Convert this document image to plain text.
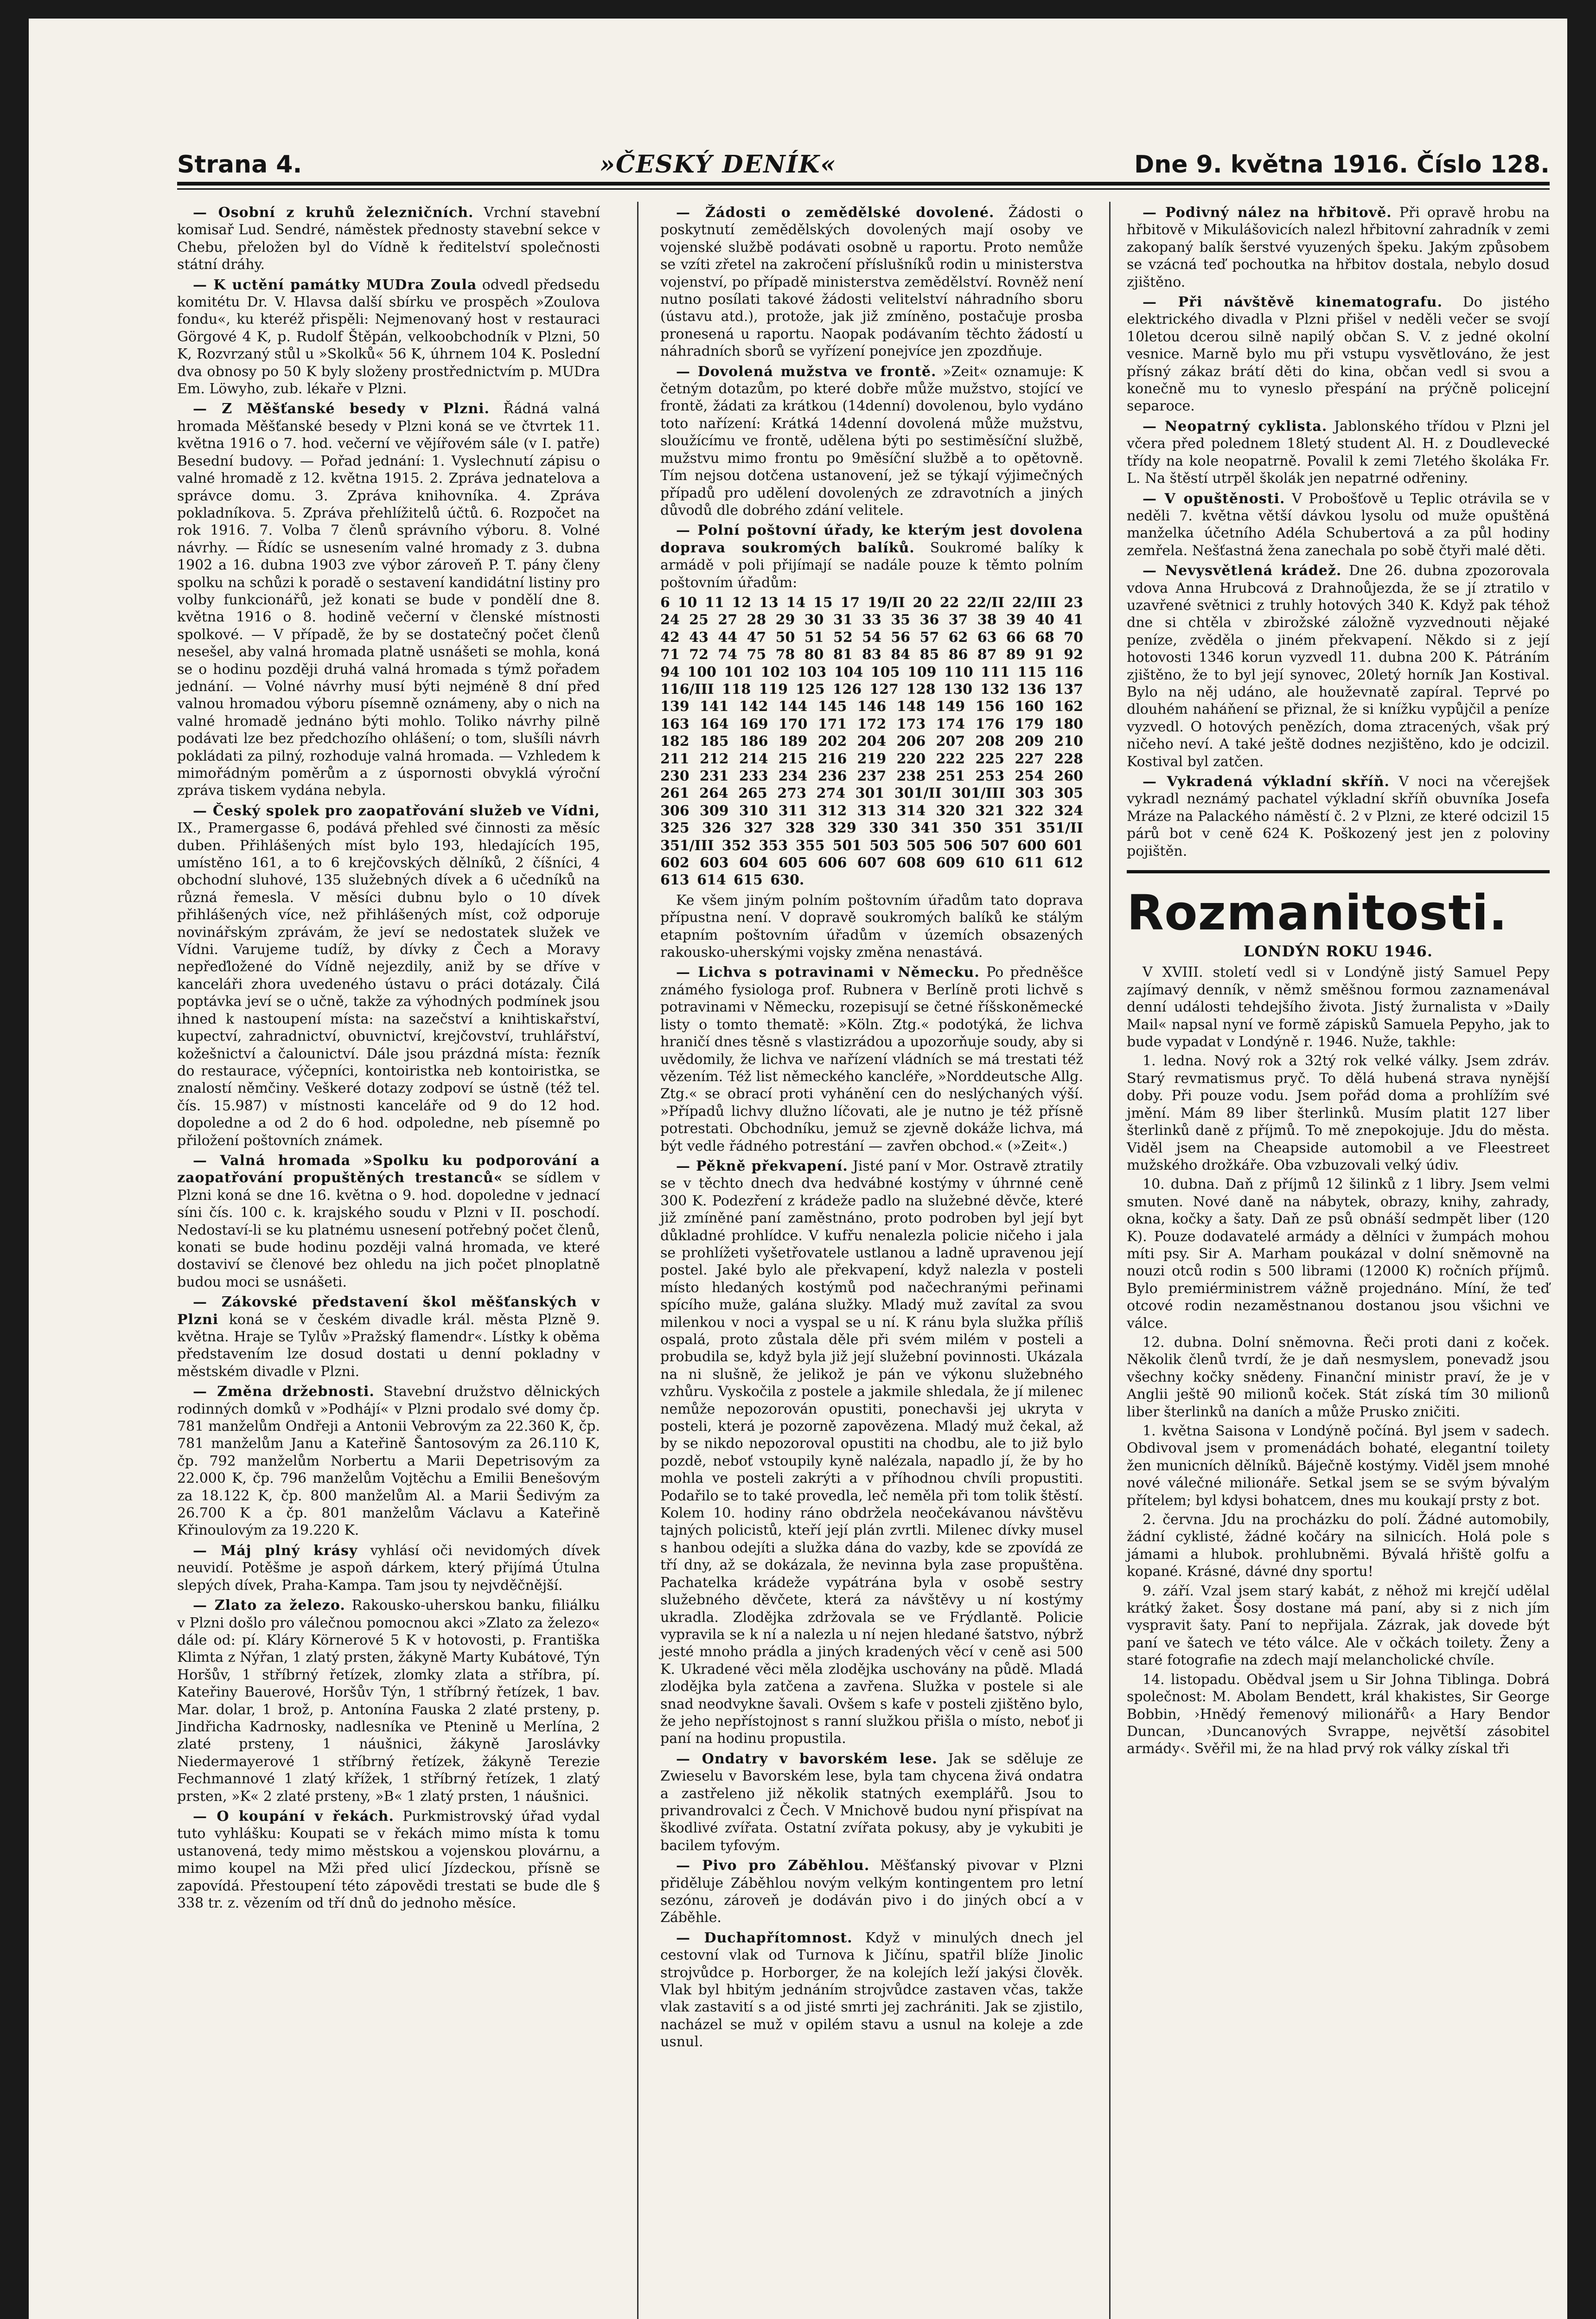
Strana 4.	»ČESKÝ DENÍK«	Dne 9. května 1916. Číslo 128.
— Osobní z kruhů železničních. Vrchní stavební komisař Lud. Sendré, náměstek přednosty stavební sekce v Chebu, přeložen byl do Vídně k ředitelství společnosti státní dráhy.
— K uctění památky MUDra Zoula odvedl předsedu komitétu Dr. V. Hlavsa další sbírku ve prospěch »Zoulova fondu«, ku kteréž přispěli: Nejmenovaný host v restauraci Görgové 4 K, p. Rudolf Štěpán, velkoobchodník v Plzni, 50 K, Rozvrzaný stůl u »Skolků« 56 K, úhrnem 104 K. Poslední dva obnosy po 50 K byly složeny prostřednictvím p. MUDra Em. Löwyho, zub. lékaře v Plzni.
— Z Měšťanské besedy v Plzni. Řádná valná hromada Měšťanské besedy v Plzni koná se ve čtvrtek 11. května 1916 o 7. hod. večerní ve vějířovém sále (v I. patře) Besední budovy. — Pořad jednání: 1. Vyslechnutí zápisu o valné hromadě z 12. května 1915. 2. Zpráva jednatelova a správce domu. 3. Zpráva knihovníka. 4. Zpráva pokladníkova. 5. Zpráva přehlížitelů účtů. 6. Rozpočet na rok 1916. 7. Volba 7 členů správního výboru. 8. Volné návrhy. — Řídíc se usnesením valné hromady z 3. dubna 1902 a 16. dubna 1903 zve výbor zároveň P. T. pány členy spolku na schůzi k poradě o sestavení kandidátní listiny pro volby funkcionářů, jež konati se bude v pondělí dne 8. května 1916 o 8. hodině večerní v členské místnosti spolkové. — V případě, že by se dostatečný počet členů nesešel, aby valná hromada platně usnášeti se mohla, koná se o hodinu později druhá valná hromada s týmž pořadem jednání. — Volné návrhy musí býti nejméně 8 dní před valnou hromadou výboru písemně oznámeny, aby o nich na valné hromadě jednáno býti mohlo. Toliko návrhy pilně podávati lze bez předchozího ohlášení; o tom, slušíli návrh pokládati za pilný, rozhoduje valná hromada. — Vzhledem k mimořádným poměrům a z úspornosti obvyklá výroční zpráva tiskem vydána nebyla.
— Český spolek pro zaopatřování služeb ve Vídni, IX., Pramergasse 6, podává přehled své činnosti za měsíc duben. Přihlášených míst bylo 193, hledajících 195, umístěno 161, a to 6 krejčovských dělníků, 2 číšníci, 4 obchodní sluhové, 135 služebných dívek a 6 učedníků na různá řemesla. V měsíci dubnu bylo o 10 dívek přihlášených více, než přihlášených míst, což odporuje novinářským zprávám, že jeví se nedostatek služek ve Vídni. Varujeme tudíž, by dívky z Čech a Moravy nepřeďložené do Vídně nejezdily, aniž by se dříve v kanceláři zhora uvedeného ústavu o práci dotázaly. Čilá poptávka jeví se o učně, takže za výhodných podmínek jsou ihned k nastoupení místa: na sazečství a knihtiskařství, kupectví, zahradnictví, obuvnictví, krejčovství, truhlářství, kožešnictví a čalounictví. Dále jsou prázdná místa: řezník do restaurace, výčepníci, kontoiristka neb kontoiristka, se znalostí němčiny. Veškeré dotazy zodpoví se ústně (též tel. čís. 15.987) v místnosti kanceláře od 9 do 12 hod. dopoledne a od 2 do 6 hod. odpoledne, neb písemně po přiložení poštovních známek.
— Valná hromada »Spolku ku podporování a zaopatřování propuštěných trestanců« se sídlem v Plzni koná se dne 16. května o 9. hod. dopoledne v jednací síni čís. 100 c. k. krajského soudu v Plzni v II. poschodí. Nedostaví-li se ku platnému usnesení potřebný počet členů, konati se bude hodinu později valná hromada, ve které dostaviví se členové bez ohledu na jich počet plnoplatně budou moci se usnášeti.
— Zákovské představení škol měšťanských v Plzni koná se v českém divadle král. města Plzně 9. května. Hraje se Tylův »Pražský flamendr«. Lístky k oběma představením lze dosud dostati u denní pokladny v městském divadle v Plzni.
— Změna držebnosti. Stavební družstvo dělnických rodinných domků v »Podhájí« v Plzni prodalo své domy čp. 781 manželům Ondřeji a Antonii Vebrovým za 22.360 K, čp. 781 manželům Janu a Kateřině Šantosovým za 26.110 K, čp. 792 manželům Norbertu a Marii Depetrisovým za 22.000 K, čp. 796 manželům Vojtěchu a Emilii Benešovým za 18.122 K, čp. 800 manželům Al. a Marii Šedivým za 26.700 K a čp. 801 manželům Václavu a Kateřině Křinoulovým za 19.220 K.
— Máj plný krásy vyhlásí oči nevidomých dívek neuvidí. Potěšme je aspoň dárkem, který přijímá Útulna slepých dívek, Praha-Kampa. Tam jsou ty nejvděčnější.
— Zlato za železo. Rakousko-uherskou banku, filiálku v Plzni došlo pro válečnou pomocnou akci »Zlato za železo« dále od: pí. Kláry Körnerové 5 K v hotovosti, p. Františka Klimta z Nýřan, 1 zlatý prsten, žákyně Marty Kubátové, Týn Horšův, 1 stříbrný řetízek, zlomky zlata a stříbra, pí. Kateřiny Bauerové, Horšův Týn, 1 stříbrný řetízek, 1 bav. Mar. dolar, 1 brož, p. Antonína Fauska 2 zlaté prsteny, p. Jindřicha Kadrnosky, nadlesníka ve Ptenině u Merlína, 2 zlaté prsteny, 1 náušnici, žákyně Jaroslávky Niedermayerové 1 stříbrný řetízek, žákyně Terezie Fechmannové 1 zlatý křížek, 1 stříbrný řetízek, 1 zlatý prsten, »K« 2 zlaté prsteny, »B« 1 zlatý prsten, 1 náušnici.
— O koupání v řekách. Purkmistrovský úřad vydal tuto vyhlášku: Koupati se v řekách mimo místa k tomu ustanovená, tedy mimo městskou a vojenskou plovárnu, a mimo koupel na Mži před ulicí Jízdeckou, přísně se zapovídá. Přestoupení této zápovědi trestati se bude dle § 338 tr. z. vězením od tří dnů do jednoho měsíce.
— Žádosti o zemědělské dovolené. Žádosti o poskytnutí zemědělských dovolených mají osoby ve vojenské službě podávati osobně u raportu. Proto nemůže se vzíti zřetel na zakročení příslušníků rodin u ministerstva vojenství, po případě ministerstva zemědělství. Rovněž není nutno posílati takové žádosti velitelství náhradního sboru (ústavu atd.), protože, jak již zmíněno, postačuje prosba pronesená u raportu. Naopak podávaním těchto žádostí u náhradních sborů se vyřízení ponejvíce jen zpozdňuje.
— Dovolená mužstva ve frontě. »Zeit« oznamuje: K četným dotazům, po které dobře může mužstvo, stojící ve frontě, žádati za krátkou (14denní) dovolenou, bylo vydáno toto nařízení: Krátká 14denní dovolená může mužstvu, sloužícímu ve frontě, udělena býti po sestiměsíční službě, mužstvu mimo frontu po 9měsíční službě a to opětovně. Tím nejsou dotčena ustanovení, jež se týkají výjimečných případů pro udělení dovolených ze zdravotních a jiných důvodů dle dobrého zdání velitele.
— Polní poštovní úřady, ke kterým jest dovolena doprava soukromých balíků. Soukromé balíky k armádě v poli přijímají se nadále pouze k těmto polním poštovním úřadům:
6 10 11 12 13 14 15 17 19/II 20 22 22/II 22/III 23 24 25 27 28 29 30 31 33 35 36 37 38 39 40 41 42 43 44 47 50 51 52 54 56 57 62 63 66 68 70 71 72 74 75 78 80 81 83 84 85 86 87 89 91 92 94 100 101 102 103 104 105 109 110 111 115 116 116/III 118 119 125 126 127 128 130 132 136 137 139 141 142 144 145 146 148 149 156 160 162 163 164 169 170 171 172 173 174 176 179 180 182 185 186 189 202 204 206 207 208 209 210 211 212 214 215 216 219 220 222 225 227 228 230 231 233 234 236 237 238 251 253 254 260 261 264 265 273 274 301 301/II 301/III 303 305 306 309 310 311 312 313 314 320 321 322 324 325 326 327 328 329 330 341 350 351 351/II 351/III 352 353 355 501 503 505 506 507 600 601 602 603 604 605 606 607 608 609 610 611 612 613 614 615 630.
Ke všem jiným polním poštovním úřadům tato doprava přípustna není. V dopravě soukromých balíků ke stálým etapním poštovním úřadům v územích obsazených rakousko-uherskými vojsky změna nenastává.
— Lichva s potravinami v Německu. Po předněšce známého fysiologa prof. Rubnera v Berlíně proti lichvě s potravinami v Německu, rozepisují se četné říšskoněmecké listy o tomto thematě: »Köln. Ztg.« podotýká, že lichva hraničí dnes těsně s vlastizrádou a upozorňuje soudy, aby si uvědomily, že lichva ve nařízení vládních se má trestati též vězením. Též list německého kancléře, »Norddeutsche Allg. Ztg.« se obrací proti vyhánění cen do neslýchaných výší. »Případů lichvy dlužno líčovati, ale je nutno je též přísně potrestati. Obchodníku, jemuž se zjevně dokáže lichva, má být vedle řádného potrestání — zavřen obchod.« (»Zeit«.)
— Pěkně překvapení. Jisté paní v Mor. Ostravě ztratily se v těchto dnech dva hedvábné kostýmy v úhrnné ceně 300 K. Podezření z krádeže padlo na služebné děvče, které již zmíněné paní zaměstnáno, proto podroben byl její byt důkladné prohlídce. V kufřu nenalezla policie ničeho i jala se prohlížeti vyšetřovatele ustlanou a ladně upravenou její postel. Jaké bylo ale překvapení, když nalezla v posteli místo hledaných kostýmů pod načechranými peřinami spícího muže, galána služky. Mladý muž zavítal za svou milenkou v noci a vyspal se u ní. K ránu byla služka příliš ospalá, proto zůstala děle při svém milém v posteli a probudila se, když byla již její služební povinnosti. Ukázala na ni slušně, že jelikož je pán ve výkonu služebného vzhůru. Vyskočila z postele a jakmile shledala, že jí milenec nemůže nepozorován opustiti, ponechavši jej ukryta v posteli, která je pozorně zapovězena. Mladý muž čekal, až by se nikdo nepozoroval opustiti na chodbu, ale to již bylo pozdě, neboť vstoupily kyně nalézala, napadlo jí, že by ho mohla ve posteli zakrýti a v příhodnou chvíli propustiti. Podařilo se to také provedla, leč neměla při tom tolik štěstí. Kolem 10. hodiny ráno obdržela neočekávanou návštěvu tajných policistů, kteří její plán zvrtli. Milenec dívky musel s hanbou odejíti a služka dána do vazby, kde se zpovídá ze tří dny, až se dokázala, že nevinna byla zase propuštěna. Pachatelka krádeže vypátrána byla v osobě sestry služebného děvčete, která za návštěvy u ní kostýmy ukradla. Zlodějka zdržovala se ve Frýdlantě. Policie vypravila se k ní a nalezla u ní nejen hledané šatstvo, nýbrž jesté mnoho prádla a jiných kradených věcí v ceně asi 500 K. Ukradené věci měla zlodějka uschovány na půdě. Mladá zlodějka byla zatčena a zavřena. Služka v postele si ale snad neodvykne šavali. Ovšem s kafe v posteli zjištěno bylo, že jeho nepřístojnost s ranní služkou přišla o místo, neboť ji paní na hodinu propustila.
— Ondatry v bavorském lese. Jak se sděluje ze Zwieselu v Bavorském lese, byla tam chycena živá ondatra a zastřeleno již několik statných exemplářů. Jsou to privandrovalci z Čech. V Mnichově budou nyní přispívat na škodlivé zvířata. Ostatní zvířata pokusy, aby je vykubiti je bacilem tyfovým.
— Pivo pro Záběhlou. Měšťanský pivovar v Plzni přiděluje Záběhlou novým velkým kontingentem pro letní sezónu, zároveň je dodáván pivo i do jiných obcí a v Záběhle.
— Duchapřítomnost. Když v minulých dnech jel cestovní vlak od Turnova k Jičínu, spatřil blíže Jinolic strojvůdce p. Horborger, že na kolejích leží jakýsi člověk. Vlak byl hbitým jednáním strojvůdce zastaven včas, takže vlak zastavití s a od jisté smrti jej zachrániti. Jak se zjistilo, nacházel se muž v opilém stavu a usnul na koleje a zde usnul.
— Podivný nález na hřbitově. Při opravě hrobu na hřbitově v Mikulášovicích nalezl hřbitovní zahradník v zemi zakopaný balík šerstvé vyuzených špeku. Jakým způsobem se vzácná teď pochoutka na hřbitov dostala, nebylo dosud zjištěno.
— Při návštěvě kinematografu. Do jistého elektrického divadla v Plzni přišel v neděli večer se svojí 10letou dcerou silně napilý občan S. V. z jedné okolní vesnice. Marně bylo mu při vstupu vysvětlováno, že jest přísný zákaz brátí děti do kina, občan vedl si svou a konečně mu to vyneslo přespání na prýčně policejní separoce.
— Neopatrný cyklista. Jablonského třídou v Plzni jel včera před polednem 18letý student Al. H. z Doudlevecké třídy na kole neopatrně. Povalil k zemi 7letého školáka Fr. L. Na štěstí utrpěl školák jen nepatrné odřeniny.
— V opuštěnosti. V Probošťově u Teplic otrávila se v neděli 7. května větší dávkou lysolu od muže opuštěná manželka účetního Adéla Schubertová a za půl hodiny zemřela. Nešťastná žena zanechala po sobě čtyři malé děti.
— Nevysvětlená krádež. Dne 26. dubna zpozorovala vdova Anna Hrubcová z Drahnoůjezda, že se jí ztratilo v uzavřené světnici z truhly hotových 340 K. Když pak téhož dne si chtěla v zbirožské záložně vyzvednouti nějaké peníze, zvěděla o jiném překvapení. Někdo si z její hotovosti 1346 korun vyzvedl 11. dubna 200 K. Pátráním zjištěno, že to byl její synovec, 20letý horník Jan Kostival. Bylo na něj udáno, ale houževnatě zapíral. Teprvé po dlouhém naháňení se přiznal, že si knížku vypůjčil a peníze vyzvedl. O hotových penězích, doma ztracených, však prý ničeho neví. A také ještě dodnes nezjištěno, kdo je odcizil. Kostival byl zatčen.
— Vykradená výkladní skříň. V noci na včerejšek vykradl neznámý pachatel výkladní skříň obuvníka Josefa Mráze na Palackého náměstí č. 2 v Plzni, ze které odcizil 15 párů bot v ceně 624 K. Poškozený jest jen z poloviny pojištěn.
Rozmanitosti.
LONDÝN ROKU 1946.
V XVIII. století vedl si v Londýně jistý Samuel Pepy zajímavý denník, v němž směšnou formou zaznamenával denní události tehdejšího života. Jistý žurnalista v »Daily Mail« napsal nyní ve formě zápisků Samuela Pepyho, jak to bude vypadat v Londýně r. 1946. Nuže, takhle:
1. ledna. Nový rok a 32tý rok velké války. Jsem zdráv. Starý revmatismus pryč. To dělá hubená strava nynější doby. Při pouze vodu. Jsem pořád doma a prohlížím své jmění. Mám 89 liber šterlinků. Musím platit 127 liber šterlinků daně z příjmů. To mě znepokojuje. Jdu do města. Viděl jsem na Cheapside automobil a ve Fleestreet mužského drožkáře. Oba vzbuzovali velký údiv.
10. dubna. Daň z příjmů 12 šilinků z 1 libry. Jsem velmi smuten. Nové daně na nábytek, obrazy, knihy, zahrady, okna, kočky a šaty. Daň ze psů obnáší sedmpět liber (120 K). Pouze dodavatelé armády a dělníci v žumpách mohou míti psy. Sir A. Marham poukázal v dolní sněmovně na nouzi otců rodin s 500 librami (12000 K) ročních příjmů. Bylo premiérministrem vážně projednáno. Míní, že teď otcové rodin nezaměstnanou dostanou jsou všichni ve válce.
12. dubna. Dolní sněmovna. Řeči proti dani z koček. Několik členů tvrdí, že je daň nesmyslem, ponevadž jsou všechny kočky snědeny. Finanční ministr praví, že je v Anglii ještě 90 milionů koček. Stát získá tím 30 milionů liber šterlinků na daních a může Prusko zničiti.
1. května Saisona v Londýně počíná. Byl jsem v sadech. Obdivoval jsem v promenádách bohaté, elegantní toilety žen municních dělníků. Báječně kostýmy. Viděl jsem mnohé nové válečné milionáře. Setkal jsem se se svým bývalým přítelem; byl kdysi bohatcem, dnes mu koukají prsty z bot.
2. června. Jdu na procházku do polí. Žádné automobily, žádní cyklisté, žádné kočáry na silnicích. Holá pole s jámami a hlubok. prohlubněmi. Bývalá hřiště golfu a kopané. Krásné, dávné dny sportu!
9. září. Vzal jsem starý kabát, z něhož mi krejčí udělal krátký žaket. Šosy dostane má paní, aby si z nich jím vyspravit šaty. Paní to nepřijala. Zázrak, jak dovede být paní ve šatech ve této válce. Ale v očkách toilety. Ženy a staré fotografie na zdech mají melancholické chvíle.
14. listopadu. Obědval jsem u Sir Johna Tiblinga. Dobrá společnost: M. Abolam Bendett, král khakistes, Sir George Bobbin, ›Hnědý řemenový milionářů‹ a Hary Bendor Duncan, ›Duncanových Svrappe, největší zásobitel armády‹. Svěřil mi, že na hlad prvý rok války získal tři
